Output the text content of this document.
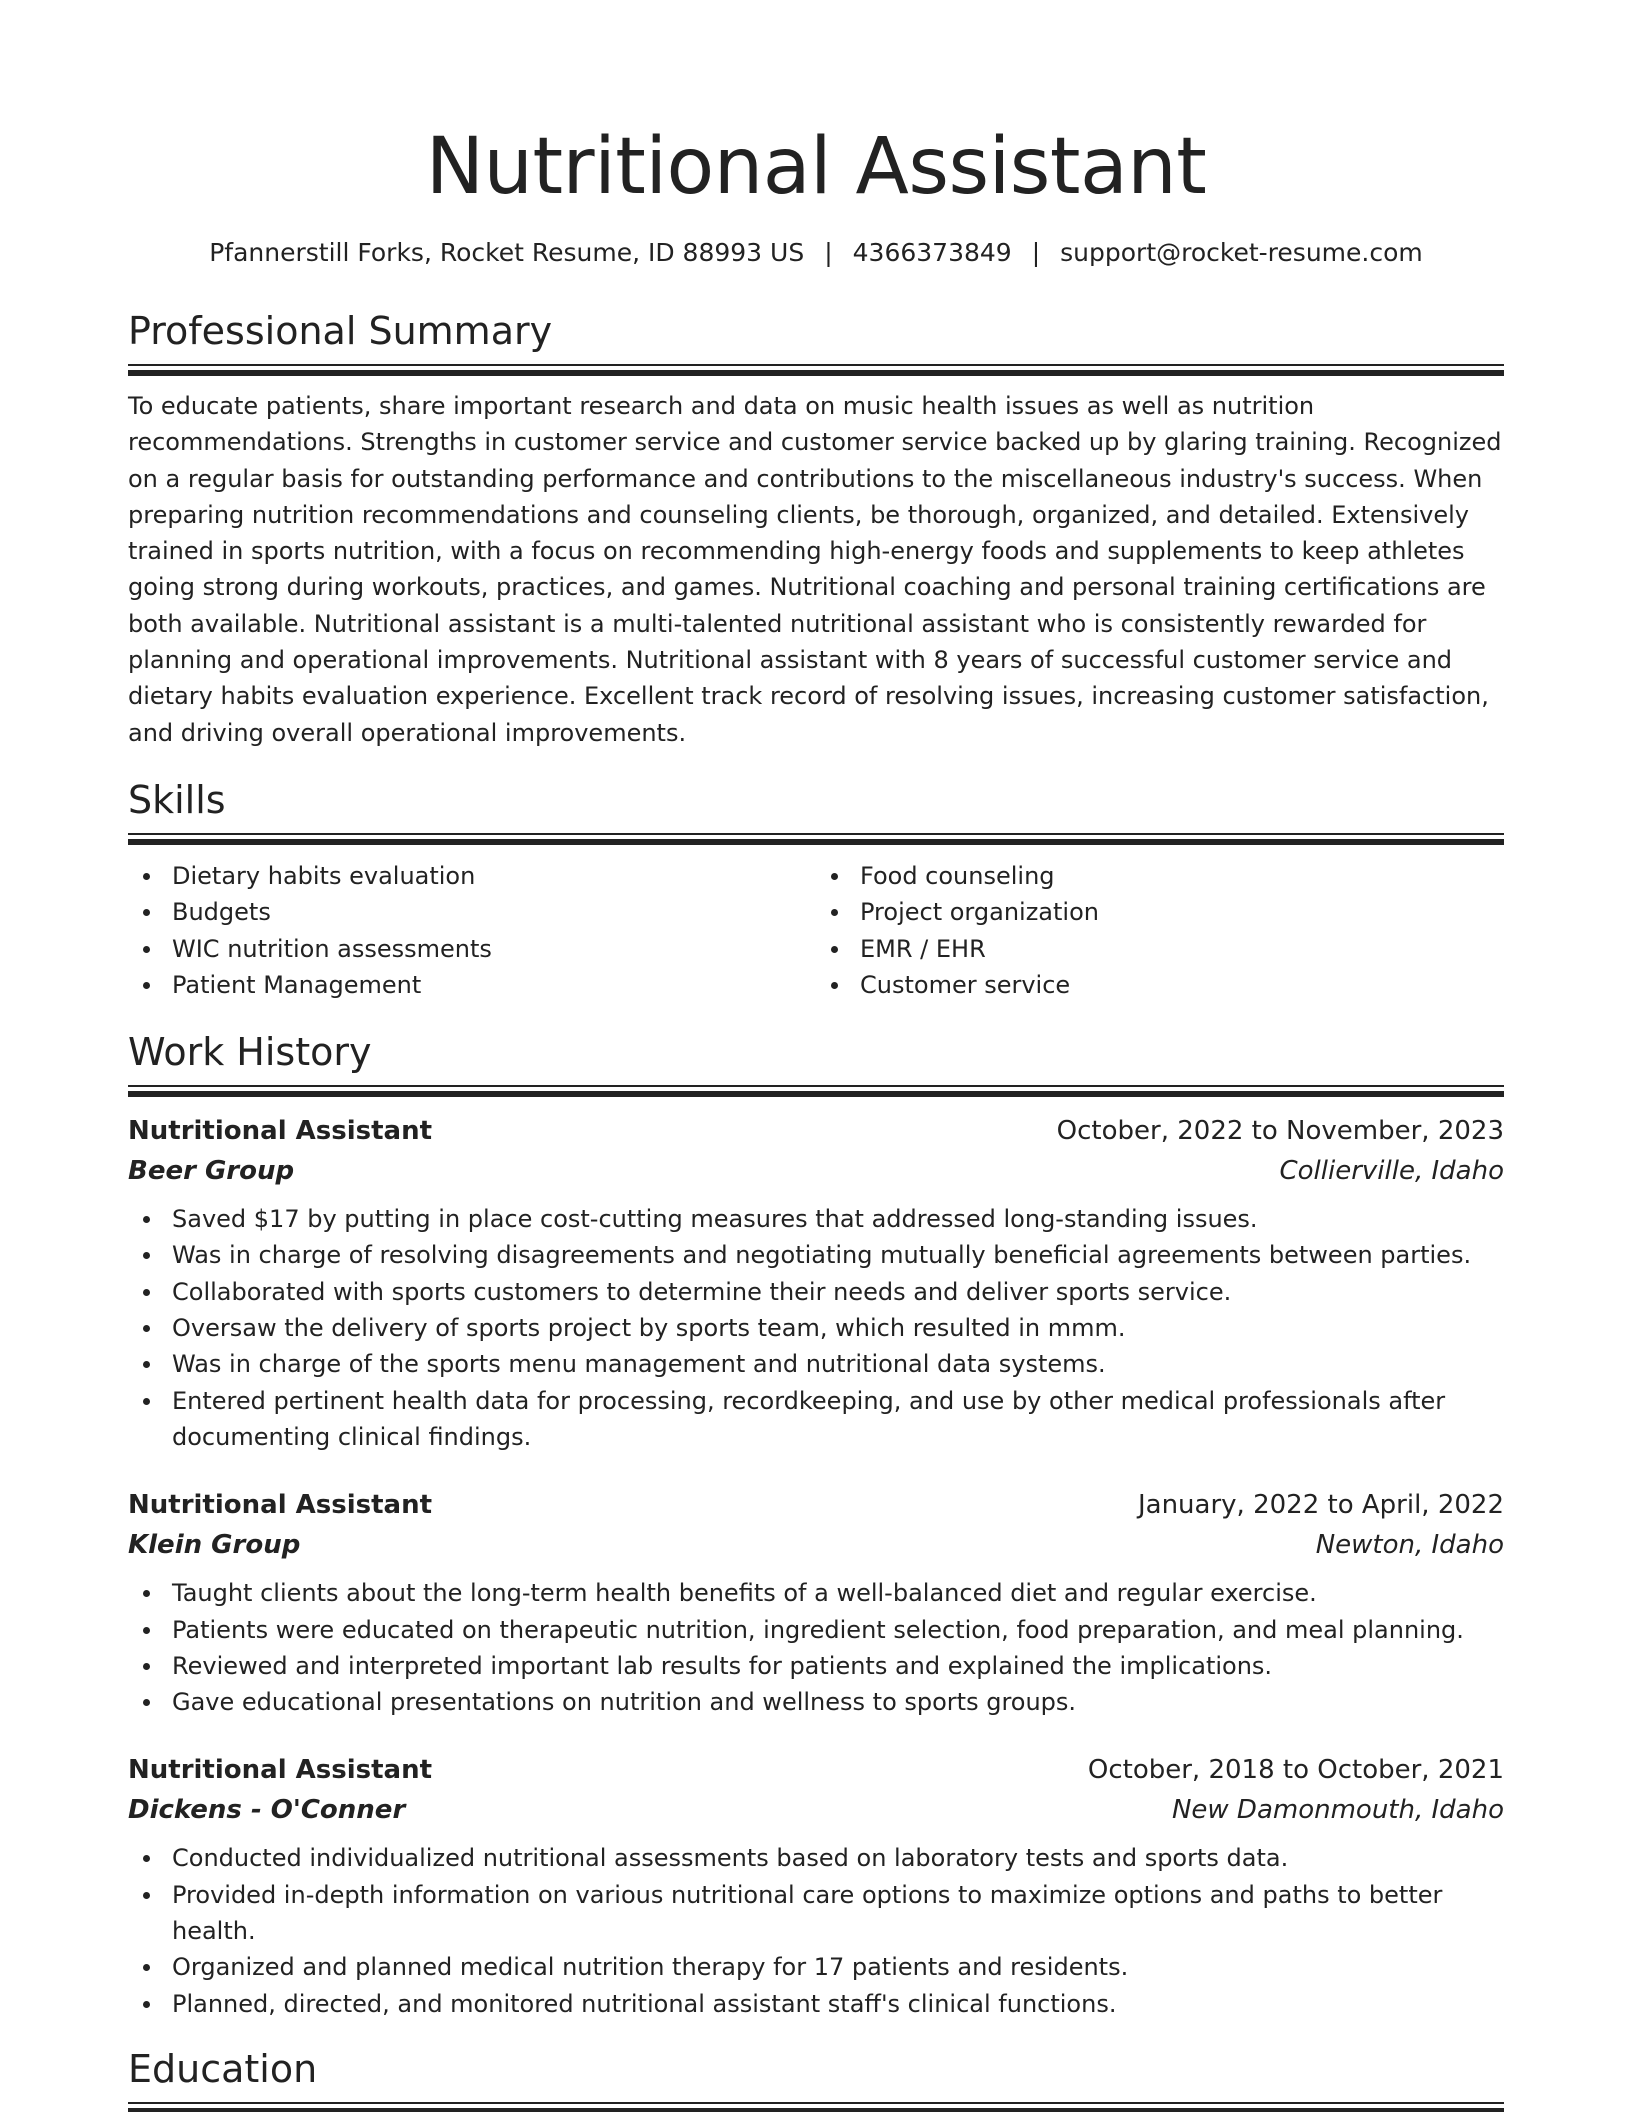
Nutritional Assistant
Pfannerstill Forks, Rocket Resume, ID 88993 US | 4366373849 | support@rocket-resume.com
Professional Summary

To educate patients, share important research and data on music health issues as well as nutrition recommendations. Strengths in customer service and customer service backed up by glaring training. Recognized on a regular basis for outstanding performance and contributions to the miscellaneous industry's success. When preparing nutrition recommendations and counseling clients, be thorough, organized, and detailed. Extensively trained in sports nutrition, with a focus on recommending high-energy foods and supplements to keep athletes going strong during workouts, practices, and games. Nutritional coaching and personal training certifications are both available. Nutritional assistant is a multi-talented nutritional assistant who is consistently rewarded for planning and operational improvements. Nutritional assistant with 8 years of successful customer service and dietary habits evaluation experience. Excellent track record of resolving issues, increasing customer satisfaction, and driving overall operational improvements.

Skills
Dietary habits evaluation
Budgets
WIC nutrition assessments
Patient Management
Food counseling
Project organization
EMR / EHR
Customer service
Work History
Nutritional Assistant	October, 2022 to November, 2023
Beer Group	Collierville, Idaho
Saved $17 by putting in place cost-cutting measures that addressed long-standing issues.
Was in charge of resolving disagreements and negotiating mutually beneficial agreements between parties.
Collaborated with sports customers to determine their needs and deliver sports service.
Oversaw the delivery of sports project by sports team, which resulted in mmm.
Was in charge of the sports menu management and nutritional data systems.
Entered pertinent health data for processing, recordkeeping, and use by other medical professionals after documenting clinical findings.
Nutritional Assistant	January, 2022 to April, 2022
Klein Group	Newton, Idaho
Taught clients about the long-term health benefits of a well-balanced diet and regular exercise.
Patients were educated on therapeutic nutrition, ingredient selection, food preparation, and meal planning.
Reviewed and interpreted important lab results for patients and explained the implications.
Gave educational presentations on nutrition and wellness to sports groups.
Nutritional Assistant	October, 2018 to October, 2021
Dickens - O'Conner	New Damonmouth, Idaho
Conducted individualized nutritional assessments based on laboratory tests and sports data.
Provided in-depth information on various nutritional care options to maximize options and paths to better health.
Organized and planned medical nutrition therapy for 17 patients and residents.
Planned, directed, and monitored nutritional assistant staff's clinical functions.
Education
